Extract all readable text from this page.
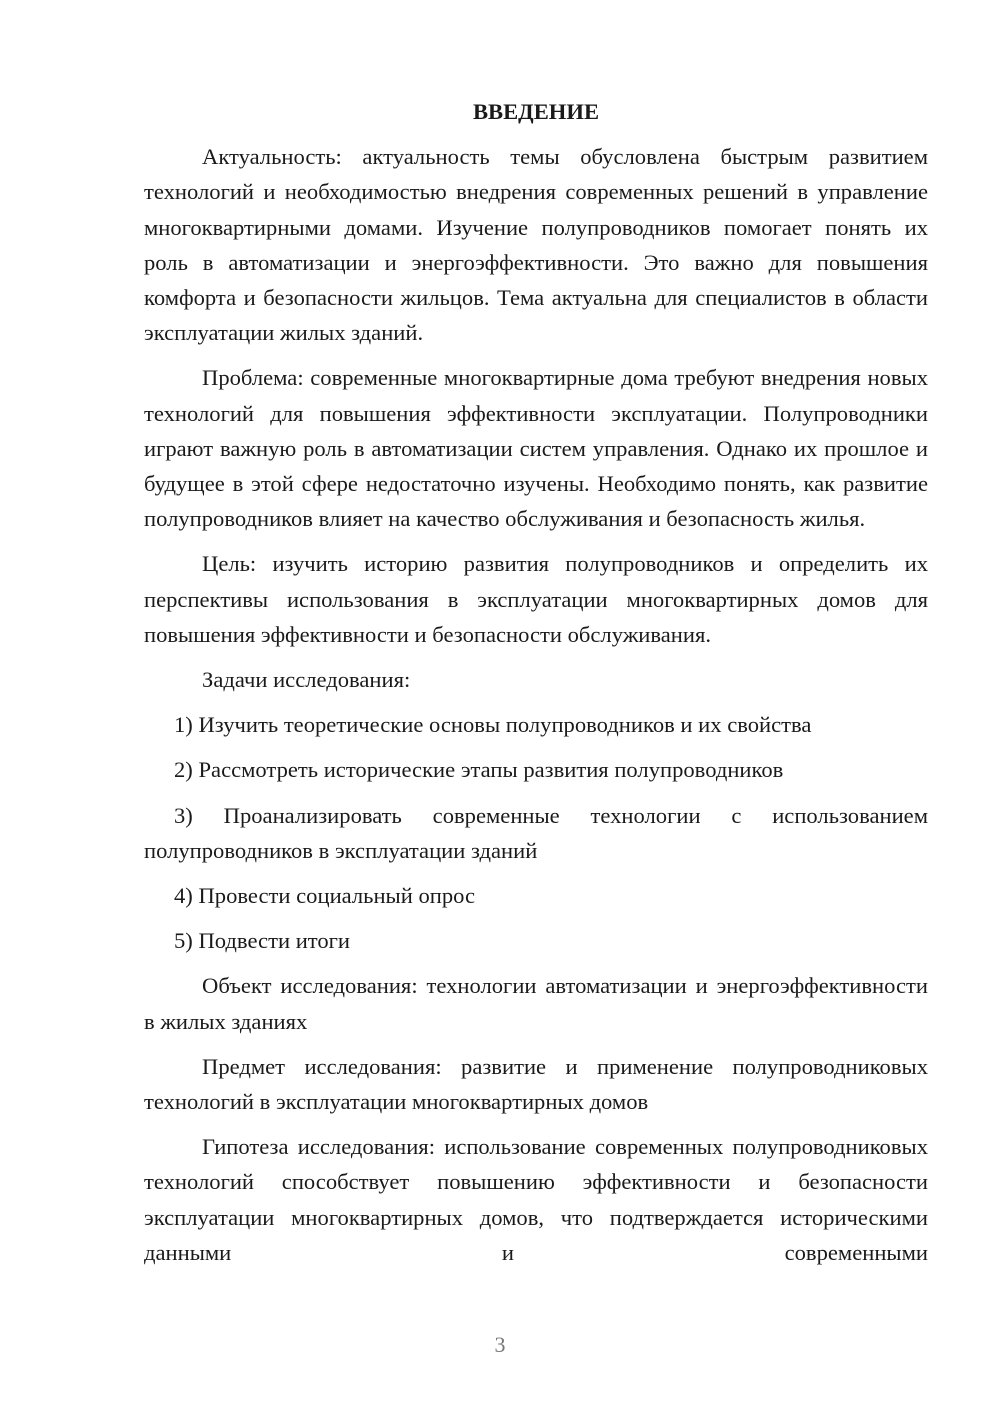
ВВЕДЕНИЕ
Актуальность: актуальность темы обусловлена быстрым развитием технологий и необходимостью внедрения современных решений в управление многоквартирными домами. Изучение полупроводников помогает понять их роль в автоматизации и энергоэффективности. Это важно для повышения комфорта и безопасности жильцов. Тема актуальна для специалистов в области эксплуатации жилых зданий.
Проблема: современные многоквартирные дома требуют внедрения новых технологий для повышения эффективности эксплуатации. Полупроводники играют важную роль в автоматизации систем управления. Однако их прошлое и будущее в этой сфере недостаточно изучены. Необходимо понять, как развитие полупроводников влияет на качество обслуживания и безопасность жилья.
Цель: изучить историю развития полупроводников и определить их перспективы использования в эксплуатации многоквартирных домов для повышения эффективности и безопасности обслуживания.
Задачи исследования:
1) Изучить теоретические основы полупроводников и их свойства
2) Рассмотреть исторические этапы развития полупроводников
3) Проанализировать современные технологии с использованием полупроводников в эксплуатации зданий
4) Провести социальный опрос
5) Подвести итоги
Объект исследования: технологии автоматизации и энергоэффективности в жилых зданиях
Предмет исследования: развитие и применение полупроводниковых технологий в эксплуатации многоквартирных домов
Гипотеза исследования: использование современных полупроводниковых технологий способствует повышению эффективности и безопасности эксплуатации многоквартирных домов, что подтверждается историческими данными и современными
3
